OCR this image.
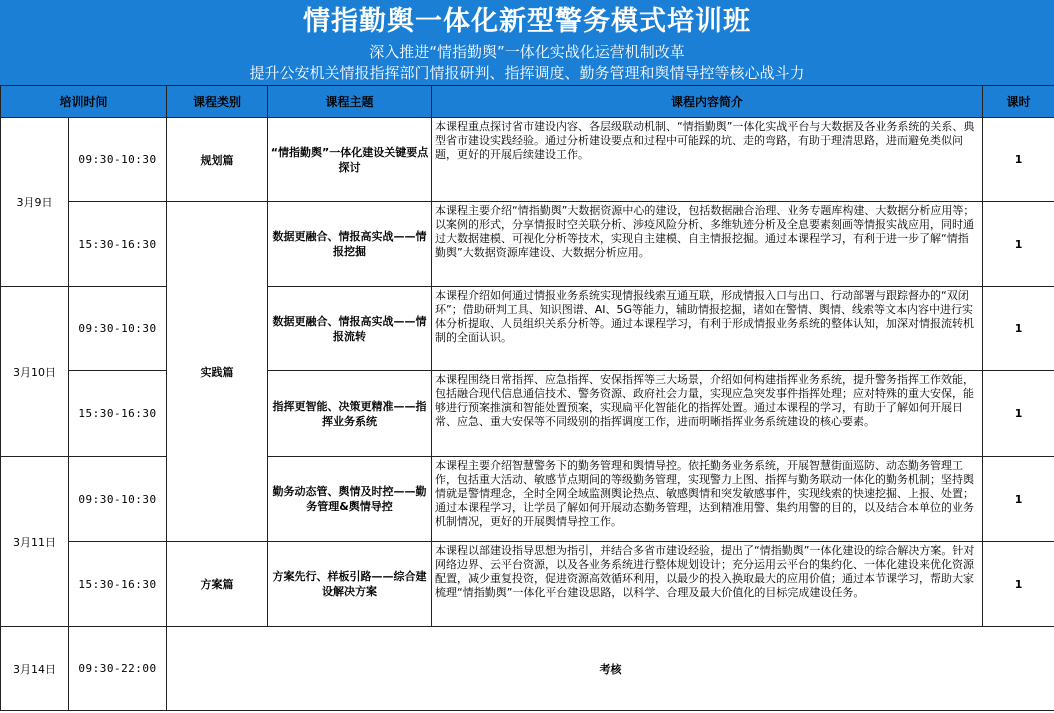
情指勤舆一体化新型警务模式培训班
深入推进“情指勤舆”一体化实战化运营机制改革
提升公安机关情报指挥部门情报研判、指挥调度、勤务管理和舆情导控等核心战斗力
培训时间		课程类别	课程主题	课程内容简介	课时
3月9日	09:30-10:30	规划篇	“情指勤舆”一体化建设关键要点探讨	本课程重点探讨省市建设内容、各层级联动机制、“情指勤舆”一体化实战平台与大数据及各业务系统的关系、典型省市建设实践经验。通过分析建设要点和过程中可能踩的坑、走的弯路，有助于理清思路，进而避免类似问题，更好的开展后续建设工作。	1
	15:30-16:30	实践篇	数据更融合、情报高实战——情报挖掘	本课程主要介绍“情指勤舆”大数据资源中心的建设，包括数据融合治理、业务专题库构建、大数据分析应用等；以案例的形式，分享情报时空关联分析、涉疫风险分析、多维轨迹分析及全息要素刻画等情报实战应用，同时通过大数据建模、可视化分析等技术，实现自主建模、自主情报挖掘。通过本课程学习，有利于进一步了解“情指勤舆”大数据资源库建设、大数据分析应用。	1
3月10日	09:30-10:30		数据更融合、情报高实战——情报流转	本课程介绍如何通过情报业务系统实现情报线索互通互联，形成情报入口与出口、行动部署与跟踪督办的“双闭环”；借助研判工具、知识图谱、AI、5G等能力，辅助情报挖掘，诸如在警情、舆情、线索等文本内容中进行实体分析提取、人员组织关系分析等。通过本课程学习，有利于形成情报业务系统的整体认知，加深对情报流转机制的全面认识。	1
	15:30-16:30		指挥更智能、决策更精准——指挥业务系统	本课程围绕日常指挥、应急指挥、安保指挥等三大场景，介绍如何构建指挥业务系统，提升警务指挥工作效能，包括融合现代信息通信技术、警务资源、政府社会力量，实现应急突发事件指挥处理；应对特殊的重大安保，能够进行预案推演和智能处置预案，实现扁平化智能化的指挥处置。通过本课程的学习，有助于了解如何开展日常、应急、重大安保等不同级别的指挥调度工作，进而明晰指挥业务系统建设的核心要素。	1
3月11日	09:30-10:30		勤务动态管、舆情及时控——勤务管理&舆情导控	本课程主要介绍智慧警务下的勤务管理和舆情导控。依托勤务业务系统，开展智慧街面巡防、动态勤务管理工作，包括重大活动、敏感节点期间的等级勤务管理，实现警力上图、指挥与勤务联动一体化的勤务机制；坚持舆情就是警情理念，全时全网全域监测舆论热点、敏感舆情和突发敏感事件，实现线索的快速挖掘、上报、处置；通过本课程学习，让学员了解如何开展动态勤务管理，达到精准用警、集约用警的目的，以及结合本单位的业务机制情况，更好的开展舆情导控工作。	1
	15:30-16:30	方案篇	方案先行、样板引路——综合建设解决方案	本课程以部建设指导思想为指引，并结合多省市建设经验，提出了“情指勤舆”一体化建设的综合解决方案。针对网络边界、云平台资源，以及各业务系统进行整体规划设计；充分运用云平台的集约化、一体化建设来优化资源配置，减少重复投资，促进资源高效循环利用，以最少的投入换取最大的应用价值；通过本节课学习，帮助大家梳理“情指勤舆”一体化平台建设思路，以科学、合理及最大价值化的目标完成建设任务。	1
3月14日	09:30-22:00	考核			
